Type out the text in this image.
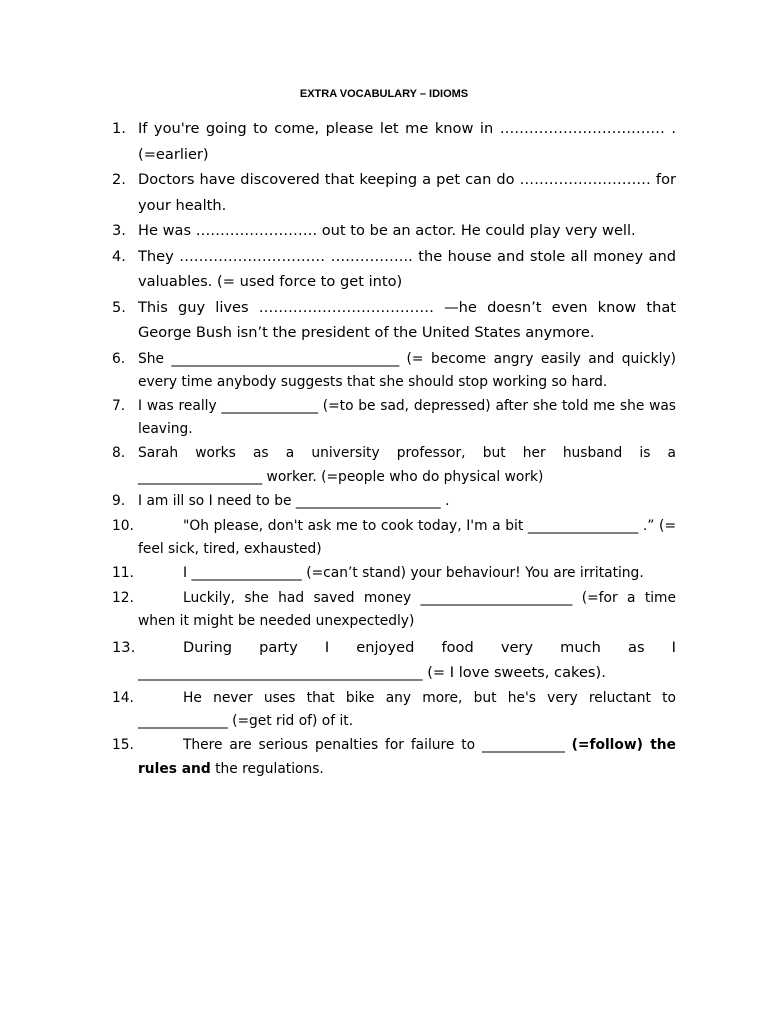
EXTRA VOCABULARY – IDIOMS
1. If you're going to come, please let me know in ………………………….… . (=earlier)
2. Doctors have discovered that keeping a pet can do ……………………… for your health.
3. He was ……………………. out to be an actor. He could play very well.
4. They ………………………… …………….. the house and stole all money and valuables. (= used force to get into)
5. This guy lives ……………………………… —he doesn’t even know that George Bush isn’t the president of the United States anymore.
6. She _________________________________ (= become angry easily and quickly) every time anybody suggests that she should stop working so hard.
7. I was really ______________ (=to be sad, depressed) after she told me she was leaving.
8. Sarah works as a university professor, but her husband is a __________________ worker. (=people who do physical work)
9. I am ill so I need to be _____________________ .
10.	"Oh please, don't ask me to cook today, I'm a bit ________________ .” (= feel sick, tired, exhausted)
11.	I ________________ (=can’t stand) your behaviour! You are irritating.
12.	Luckily, she had saved money ______________________ (=for a time when it might be needed unexpectedly)
13.	During party I enjoyed food very much as I _______________________________________ (= I love sweets, cakes).
14.	He never uses that bike any more, but he's very reluctant to _____________ (=get rid of) of it.
15.	There are serious penalties for failure to ____________ (=follow) the rules and the regulations.
